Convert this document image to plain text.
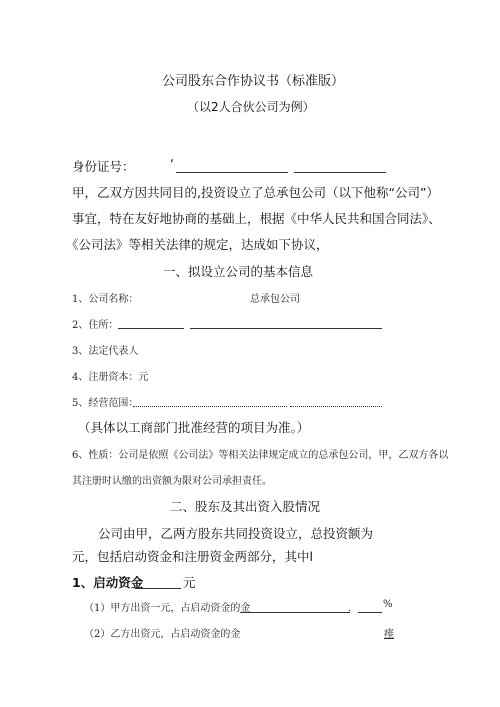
公司股东合作协议书（标准版）
（以2人合伙公司为例）
身份证号：	‘
甲，乙双方因共同目的,投资设立了总承包公司（以下他称“公司”）
事宜，特在友好地协商的基础上，根据《中华人民共和国合同法》、
《公司法》等相关法律的规定，达成如下协议，
一、拟设立公司的基本信息
1、公司名称：	总承包公司
2、住所：
3、法定代表人
4、注册资本：元
5、经营范围：
（具体以工商部门批准经营的项目为准。）
6、性质：公司是依照《公司法》等相关法律规定成立的总承包公司，甲，乙双方各以
其注册时认缴的出资额为限对公司承担责任。
二、股东及其出资入股情况
公司由甲，乙两方股东共同投资设立，总投资额为
元，包括启动资金和注册资金两部分，其中l
1、启动资金	元
（1）甲方出资一元，占启动资金的金	．	%
（2）乙方出资元，占启动资金的金	瘗
